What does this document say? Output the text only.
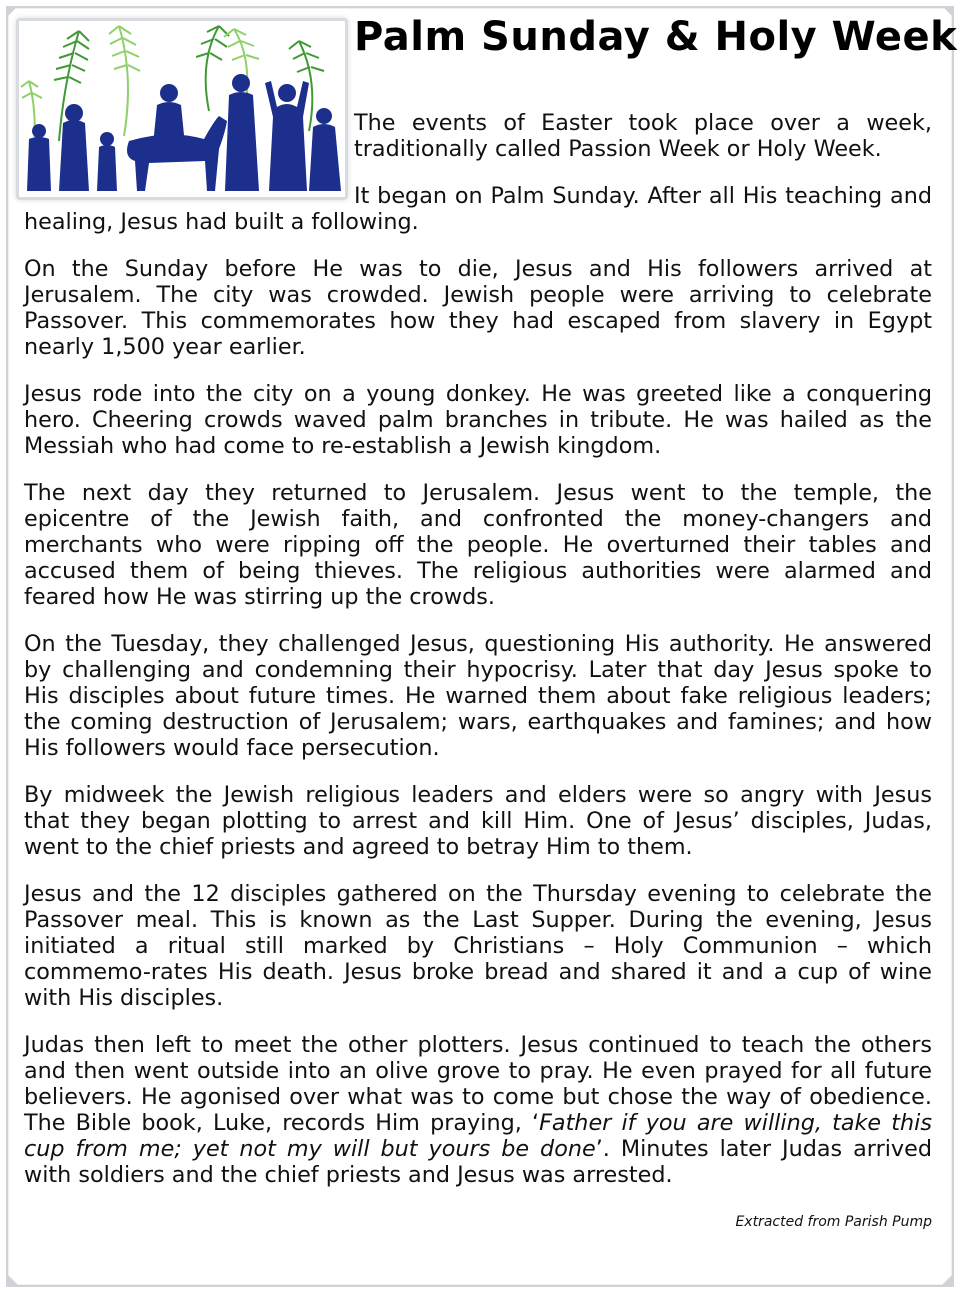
Palm Sunday & Holy Week

The events of Easter took place over a week, traditionally called Passion Week or Holy Week.

It began on Palm Sunday. After all His teaching and healing, Jesus had built a following.

On the Sunday before He was to die, Jesus and His followers arrived at Jerusalem. The city was crowded. Jewish people were arriving to celebrate Passover. This commemorates how they had escaped from slavery in Egypt nearly 1,500 year earlier.

Jesus rode into the city on a young donkey. He was greeted like a conquering hero. Cheering crowds waved palm branches in tribute. He was hailed as the Messiah who had come to re-establish a Jewish kingdom.

The next day they returned to Jerusalem. Jesus went to the temple, the epicentre of the Jewish faith, and confronted the money-changers and merchants who were ripping off the people. He overturned their tables and accused them of being thieves. The religious authorities were alarmed and feared how He was stirring up the crowds.

On the Tuesday, they challenged Jesus, questioning His authority. He answered by challenging and condemning their hypocrisy. Later that day Jesus spoke to His disciples about future times. He warned them about fake religious leaders; the coming destruction of Jerusalem; wars, earthquakes and famines; and how His followers would face persecution.

By midweek the Jewish religious leaders and elders were so angry with Jesus that they began plotting to arrest and kill Him. One of Jesus’ disciples, Judas, went to the chief priests and agreed to betray Him to them.

Jesus and the 12 disciples gathered on the Thursday evening to celebrate the Passover meal. This is known as the Last Supper. During the evening, Jesus initiated a ritual still marked by Christians – Holy Communion – which commemo-rates His death. Jesus broke bread and shared it and a cup of wine with His disciples.

Judas then left to meet the other plotters. Jesus continued to teach the others and then went outside into an olive grove to pray. He even prayed for all future believers. He agonised over what was to come but chose the way of obedience. The Bible book, Luke, records Him praying, ‘Father if you are willing, take this cup from me; yet not my will but yours be done’. Minutes later Judas arrived with soldiers and the chief priests and Jesus was arrested.

Extracted from Parish Pump
